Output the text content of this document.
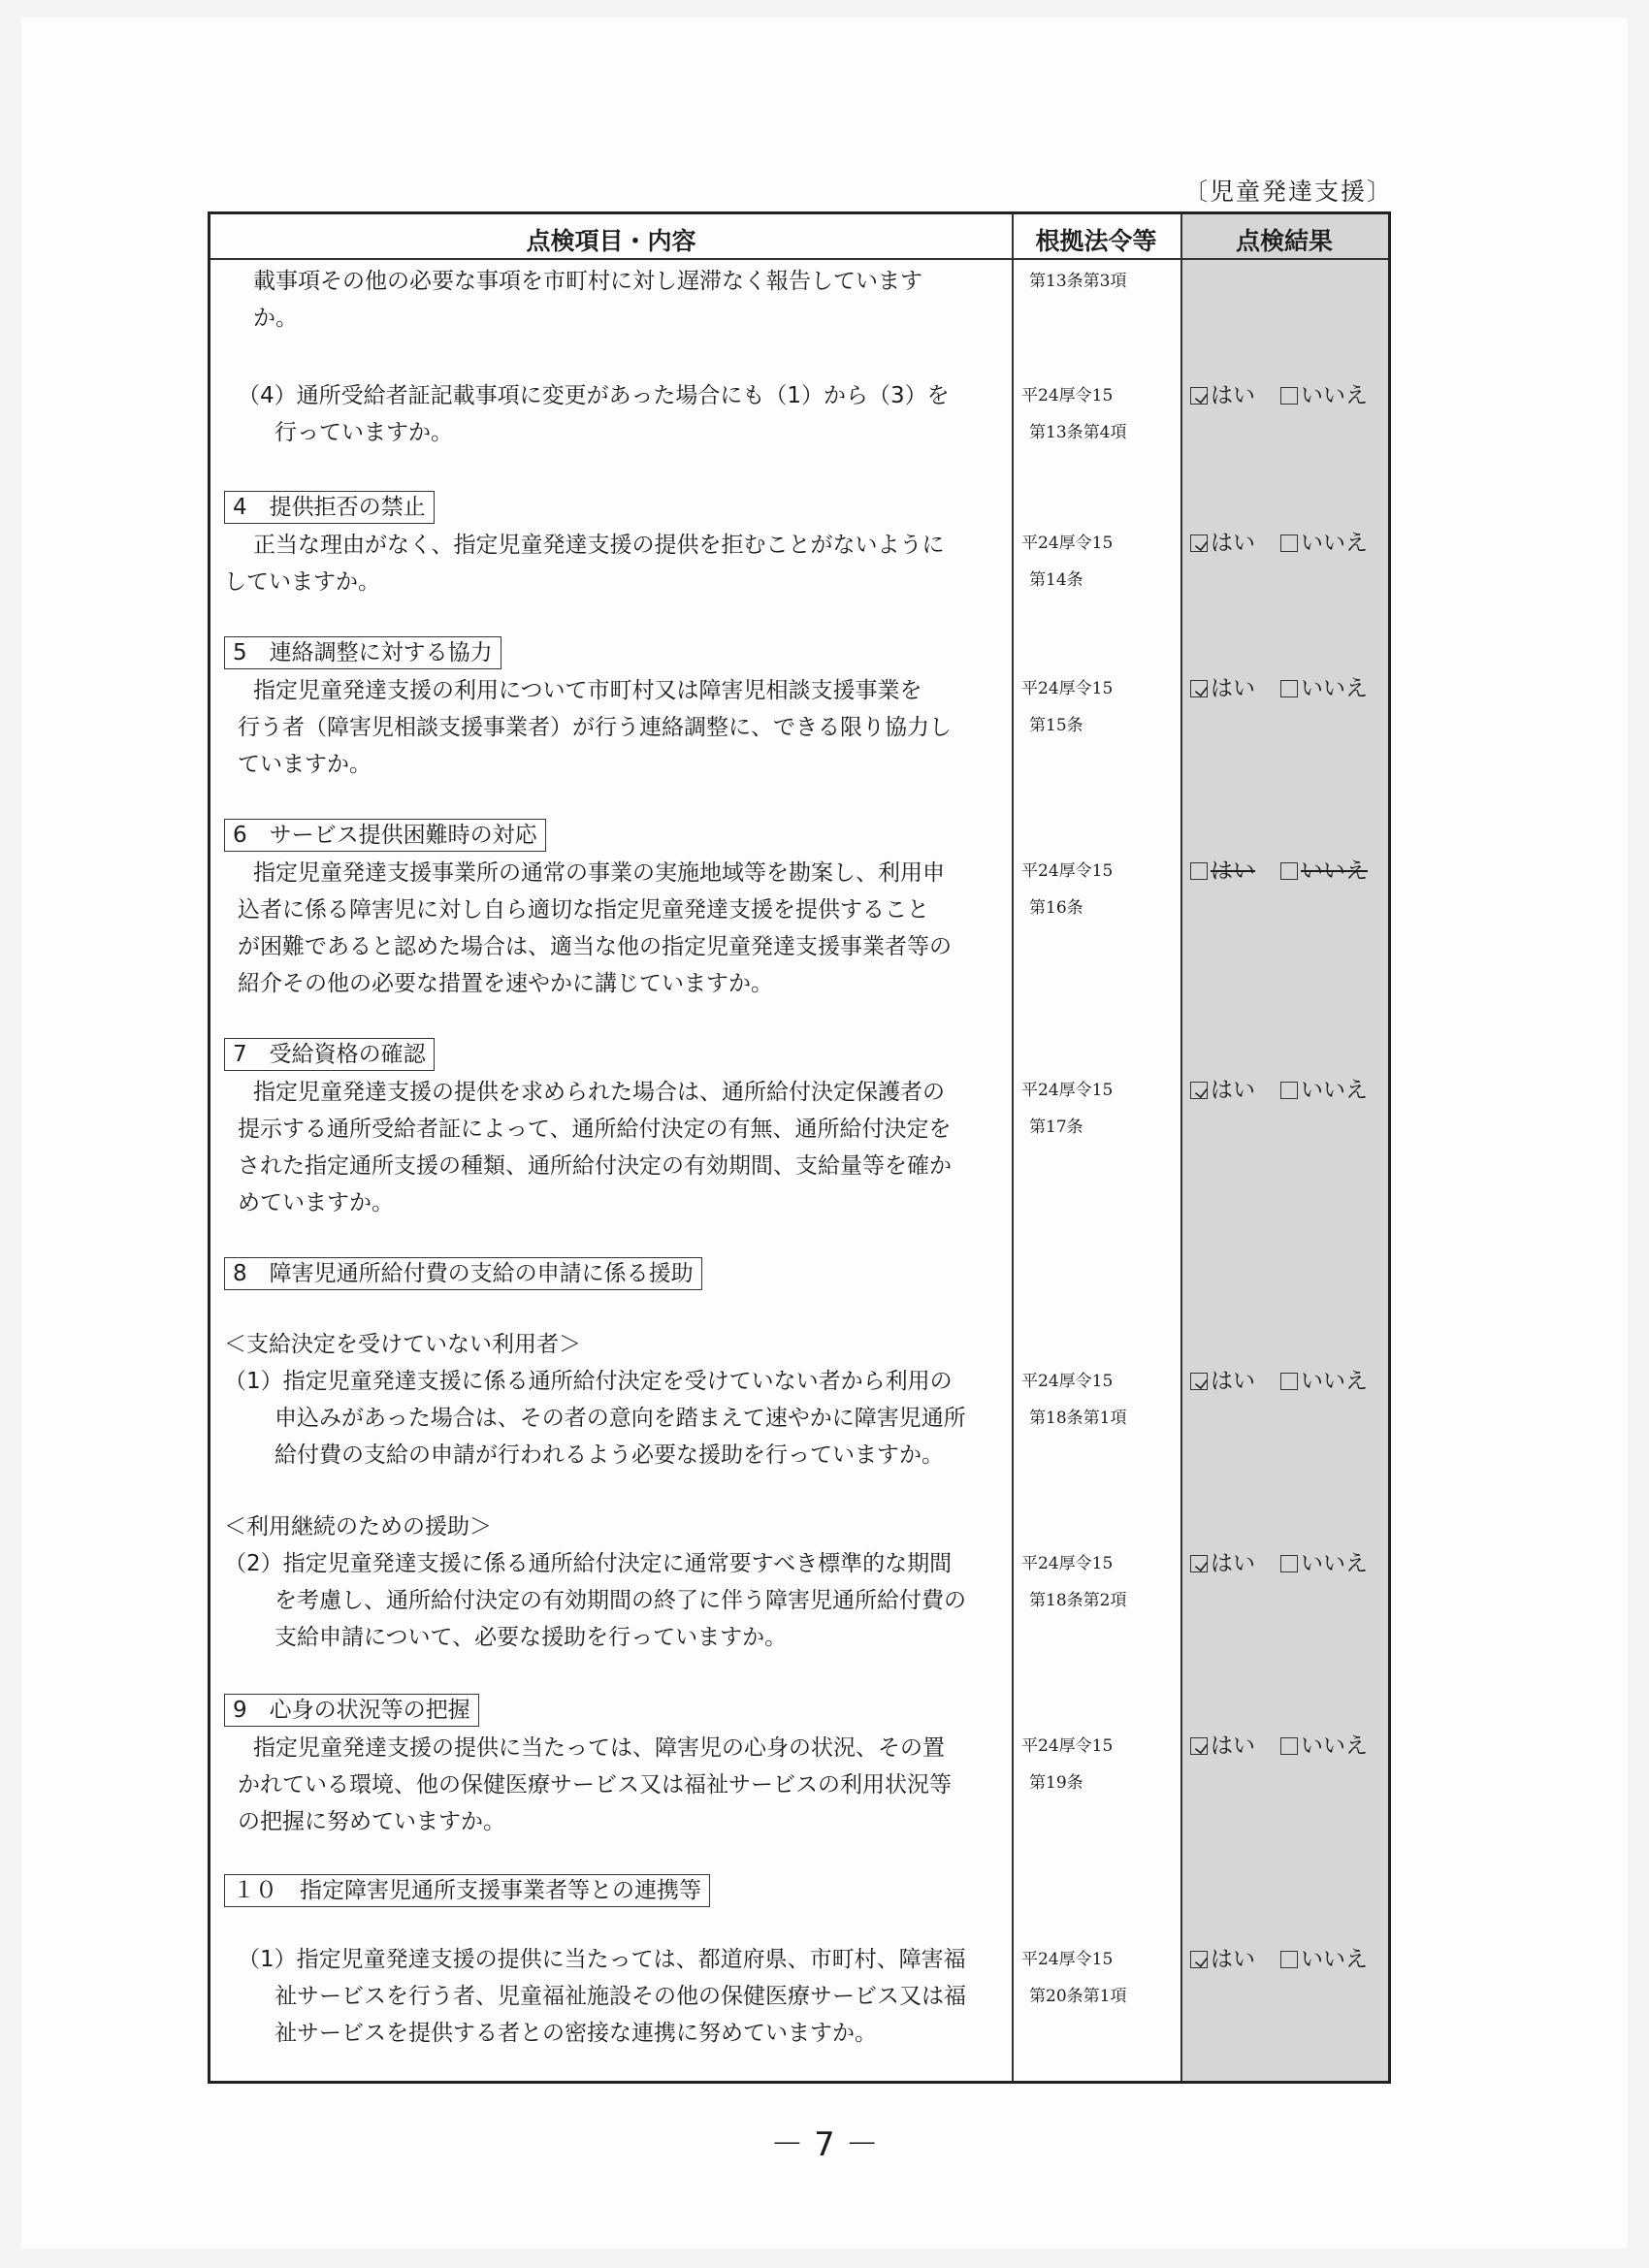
〔児童発達支援〕
点検項目・内容	根拠法令等	点検結果
載事項その他の必要な事項を市町村に対し遅滞なく報告しています
か。
第13条第3項
（4）通所受給者証記載事項に変更があった場合にも（1）から（3）を
行っていますか。
平24厚令15
第13条第4項
はい いいえ
4　提供拒否の禁止
正当な理由がなく、指定児童発達支援の提供を拒むことがないように
していますか。
平24厚令15
第14条
はい いいえ
5　連絡調整に対する協力
指定児童発達支援の利用について市町村又は障害児相談支援事業を
行う者（障害児相談支援事業者）が行う連絡調整に、できる限り協力し
ていますか。
平24厚令15
第15条
はい いいえ
6　サービス提供困難時の対応
指定児童発達支援事業所の通常の事業の実施地域等を勘案し、利用申
込者に係る障害児に対し自ら適切な指定児童発達支援を提供すること
が困難であると認めた場合は、適当な他の指定児童発達支援事業者等の
紹介その他の必要な措置を速やかに講じていますか。
平24厚令15
第16条
はい いいえ
7　受給資格の確認
指定児童発達支援の提供を求められた場合は、通所給付決定保護者の
提示する通所受給者証によって、通所給付決定の有無、通所給付決定を
された指定通所支援の種類、通所給付決定の有効期間、支給量等を確か
めていますか。
平24厚令15
第17条
はい いいえ
8　障害児通所給付費の支給の申請に係る援助
＜支給決定を受けていない利用者＞
（1）指定児童発達支援に係る通所給付決定を受けていない者から利用の
申込みがあった場合は、その者の意向を踏まえて速やかに障害児通所
給付費の支給の申請が行われるよう必要な援助を行っていますか。
平24厚令15
第18条第1項
はい いいえ
＜利用継続のための援助＞
（2）指定児童発達支援に係る通所給付決定に通常要すべき標準的な期間
を考慮し、通所給付決定の有効期間の終了に伴う障害児通所給付費の
支給申請について、必要な援助を行っていますか。
平24厚令15
第18条第2項
はい いいえ
9　心身の状況等の把握
指定児童発達支援の提供に当たっては、障害児の心身の状況、その置
かれている環境、他の保健医療サービス又は福祉サービスの利用状況等
の把握に努めていますか。
平24厚令15
第19条
はい いいえ
１０　指定障害児通所支援事業者等との連携等
（1）指定児童発達支援の提供に当たっては、都道府県、市町村、障害福
祉サービスを行う者、児童福祉施設その他の保健医療サービス又は福
祉サービスを提供する者との密接な連携に努めていますか。
平24厚令15
第20条第1項
はい いいえ
－ 7 －
